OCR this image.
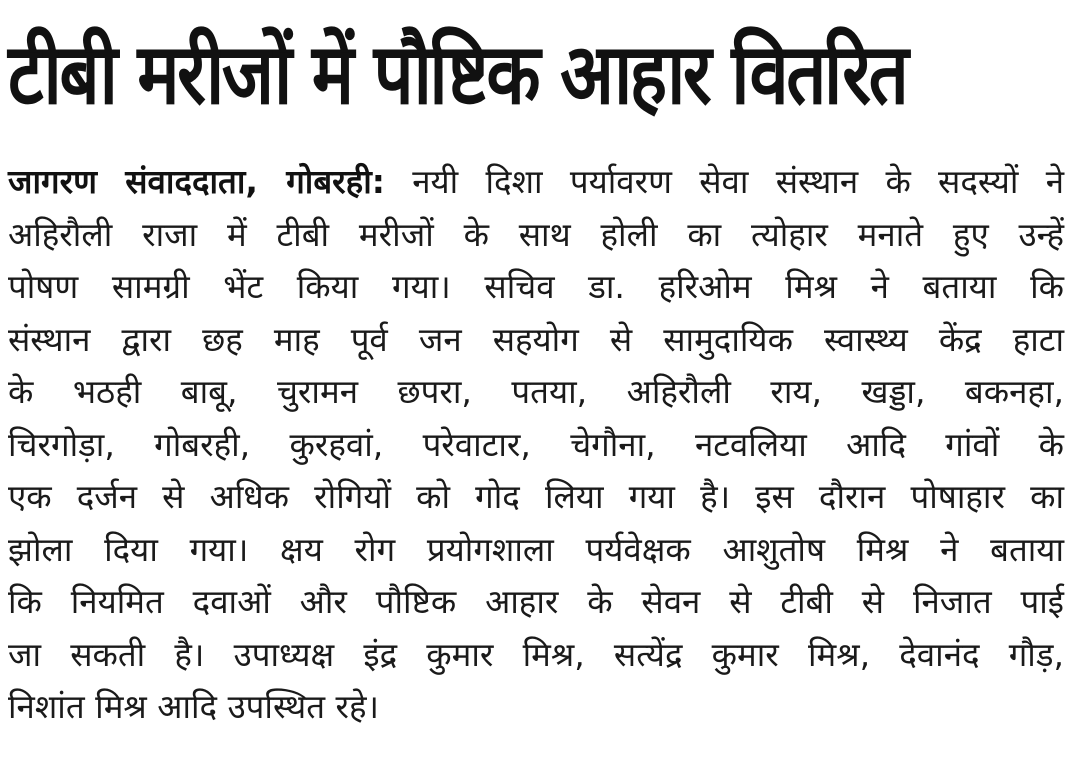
टीबी मरीजों में पौष्टिक आहार वितरित
जागरण संवाददाता, गोबरही: नयी दिशा पर्यावरण सेवा संस्थान के सदस्यों ने
अहिरौली राजा में टीबी मरीजों के साथ होली का त्योहार मनाते हुए उन्हें
पोषण सामग्री भेंट किया गया। सचिव डा. हरिओम मिश्र ने बताया कि
संस्थान द्वारा छह माह पूर्व जन सहयोग से सामुदायिक स्वास्थ्य केंद्र हाटा
के भठही बाबू, चुरामन छपरा, पतया, अहिरौली राय, खड्डा, बकनहा,
चिरगोड़ा, गोबरही, कुरहवां, परेवाटार, चेगौना, नटवलिया आदि गांवों के
एक दर्जन से अधिक रोगियों को गोद लिया गया है। इस दौरान पोषाहार का
झोला दिया गया। क्षय रोग प्रयोगशाला पर्यवेक्षक आशुतोष मिश्र ने बताया
कि नियमित दवाओं और पौष्टिक आहार के सेवन से टीबी से निजात पाई
जा सकती है। उपाध्यक्ष इंद्र कुमार मिश्र, सत्येंद्र कुमार मिश्र, देवानंद गौड़,
निशांत मिश्र आदि उपस्थित रहे।
